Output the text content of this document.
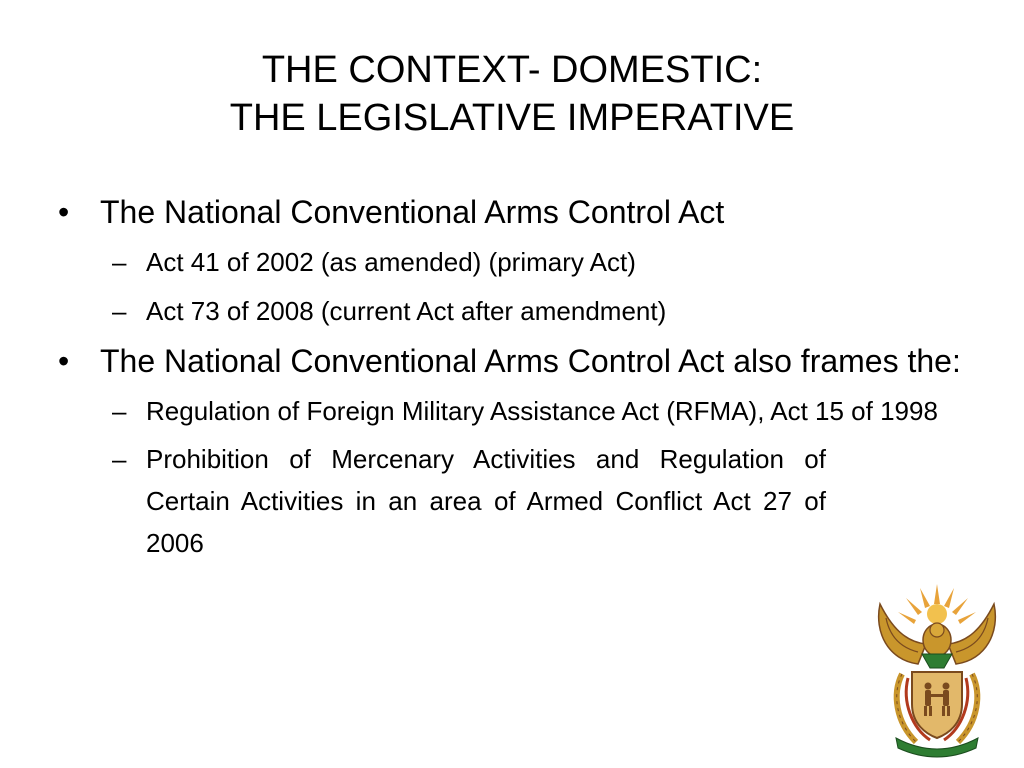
THE CONTEXT- DOMESTIC:
THE LEGISLATIVE IMPERATIVE
• The National Conventional Arms Control Act
– Act 41 of 2002 (as amended) (primary Act)
– Act 73 of 2008 (current Act after amendment)
• The National Conventional Arms Control Act also frames the:
– Regulation of Foreign Military Assistance Act (RFMA), Act 15 of 1998
– Prohibition of Mercenary Activities and Regulation of Certain Activities in an area of Armed Conflict Act 27 of 2006
